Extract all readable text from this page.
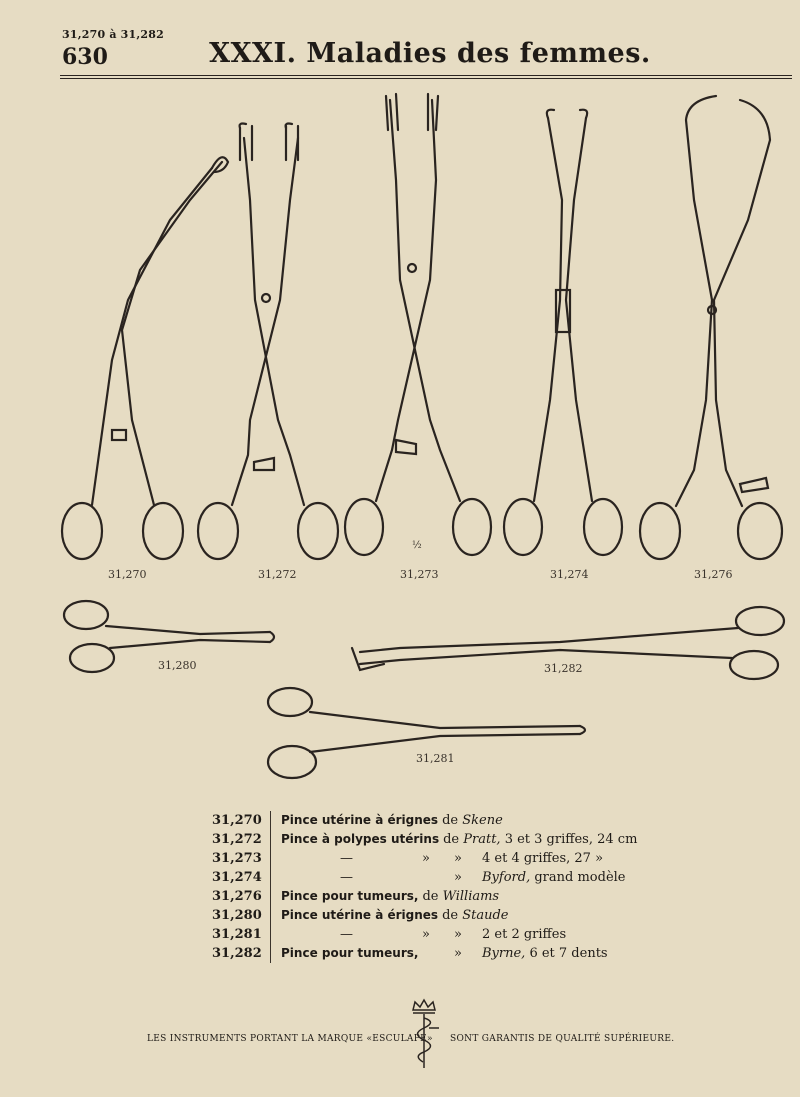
31,270 à 31,282
630	XXXI. Maladies des femmes.
31,270	31,272	31,273	31,274	31,276
31,280	31,282
31,281
½
31,270 Pince utérine à érignes de Skene
31,272 Pince à polypes utérins de Pratt, 3 et 3 griffes, 24 cm
31,273	—	» » 4 et 4 griffes, 27 »
31,274	—	» Byford, grand modèle
31,276 Pince pour tumeurs, de Williams
31,280 Pince utérine à érignes de Staude
31,281	—	» » 2 et 2 griffes
31,282 Pince pour tumeurs,	» Byrne, 6 et 7 dents
LES INSTRUMENTS PORTANT LA MARQUE «ESCULAPE» SONT GARANTIS DE QUALITÉ SUPÉRIEURE.
